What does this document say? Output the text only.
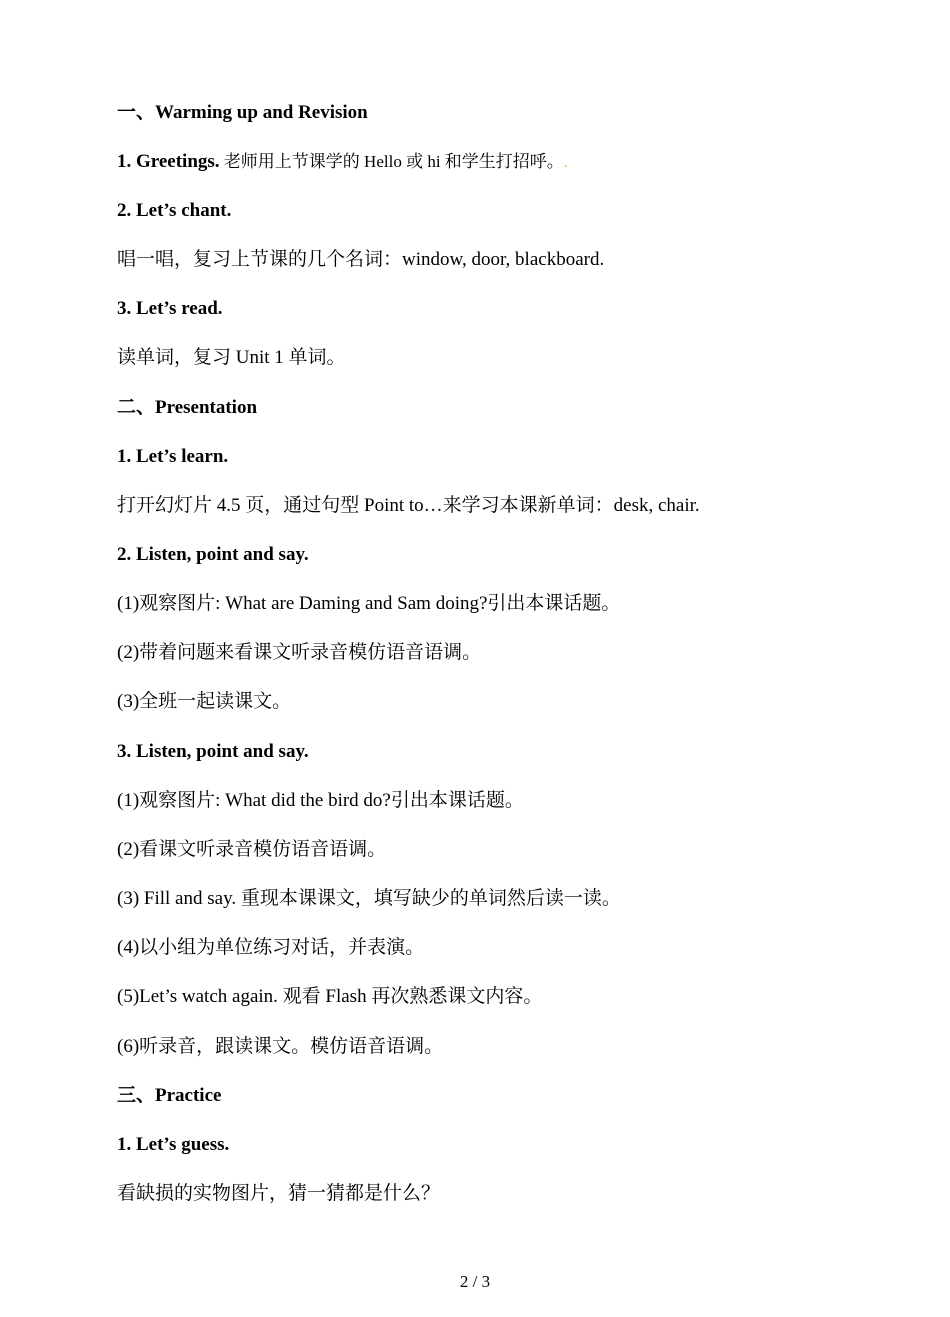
一、Warming up and Revision
1. Greetings. 老师用上节课学的 Hello 或 hi 和学生打招呼。.
2. Let’s chant.
唱一唱，复习上节课的几个名词：window, door, blackboard.
3. Let’s read.
读单词，复习 Unit 1 单词。
二、Presentation
1. Let’s learn.
打开幻灯片 4.5 页，通过句型 Point to…来学习本课新单词：desk, chair.
2. Listen, point and say.
(1)观察图片: What are Daming and Sam doing?引出本课话题。
(2)带着问题来看课文听录音模仿语音语调。
(3)全班一起读课文。
3. Listen, point and say.
(1)观察图片: What did the bird do?引出本课话题。
(2)看课文听录音模仿语音语调。
(3) Fill and say. 重现本课课文，填写缺少的单词然后读一读。
(4)以小组为单位练习对话，并表演。
(5)Let’s watch again. 观看 Flash 再次熟悉课文内容。
(6)听录音，跟读课文。模仿语音语调。
三、Practice
1. Let’s guess.
看缺损的实物图片，猜一猜都是什么？
2 / 3
